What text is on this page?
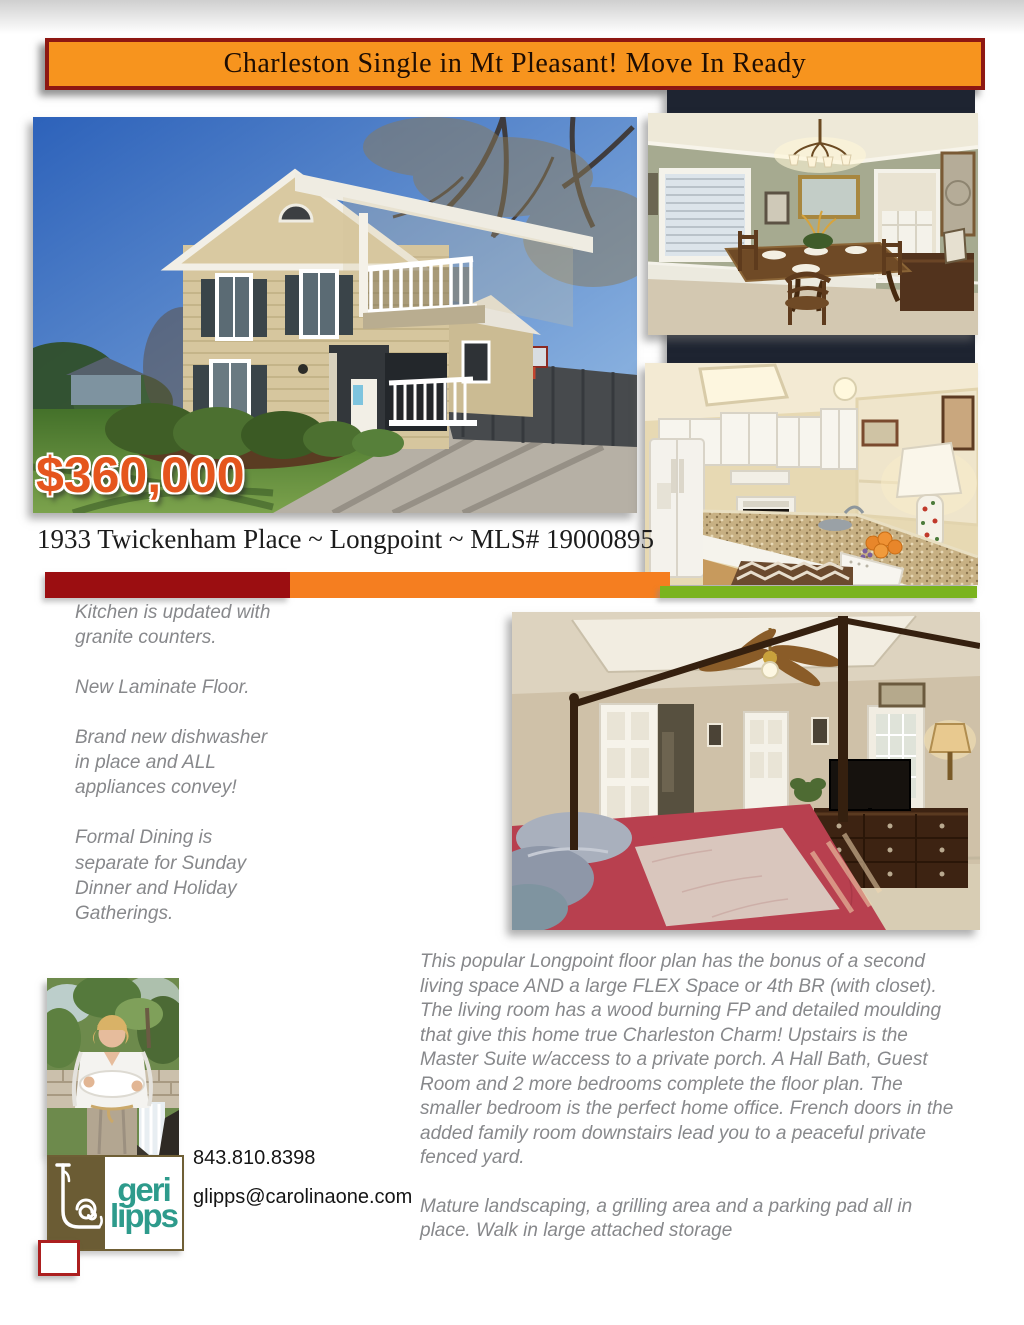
Charleston Single in Mt Pleasant! Move In Ready
$360,000
1933 Twickenham Place ~ Longpoint ~ MLS# 19000895

Kitchen is updated with granite counters.

New Laminate Floor.

Brand new dishwasher in place and ALL appliances convey!

Formal Dining is separate for Sunday Dinner and Holiday Gatherings.

This popular Longpoint floor plan has the bonus of a second living space AND a large FLEX Space or 4th BR (with closet). The living room has a wood burning FP and detailed moulding that give this home true Charleston Charm! Upstairs is the Master Suite w/access to a private porch. A Hall Bath, Guest Room and 2 more bedrooms complete the floor plan. The smaller bedroom is the perfect home office. French doors in the added family room downstairs lead you to a peaceful private fenced yard.

Mature landscaping, a grilling area and a parking pad all in place. Walk in large attached storage

geri
lipps
843.810.8398
glipps@carolinaone.com
